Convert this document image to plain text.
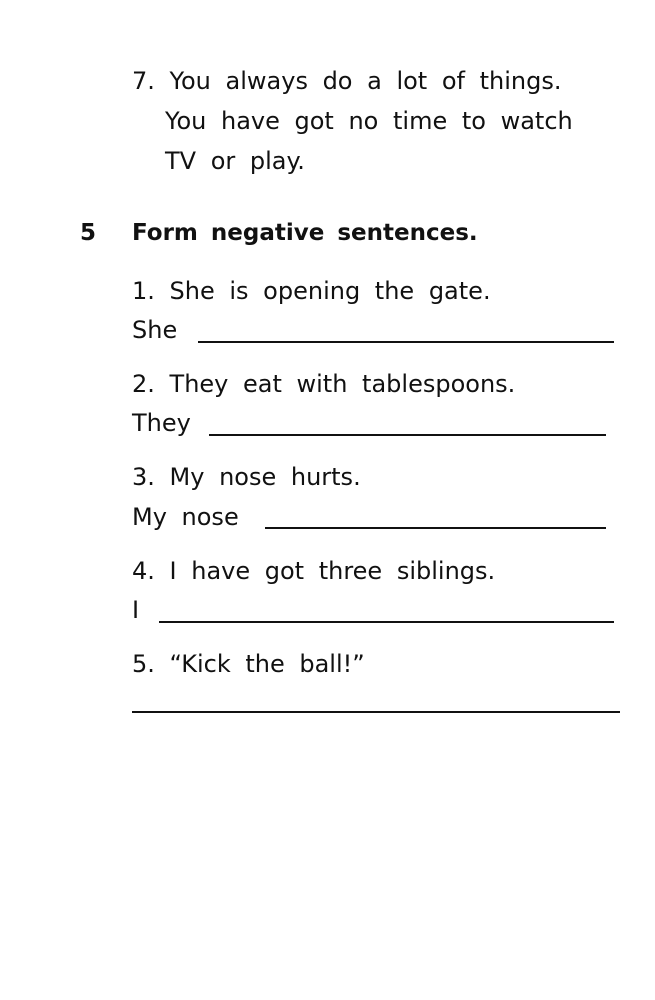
7. You always do a lot of things.
You have got no time to watch
TV or play.
5 Form negative sentences.
1. She is opening the gate.
She
2. They eat with tablespoons.
They
3. My nose hurts.
My nose
4. I have got three siblings.
I
5. “Kick the ball!”
